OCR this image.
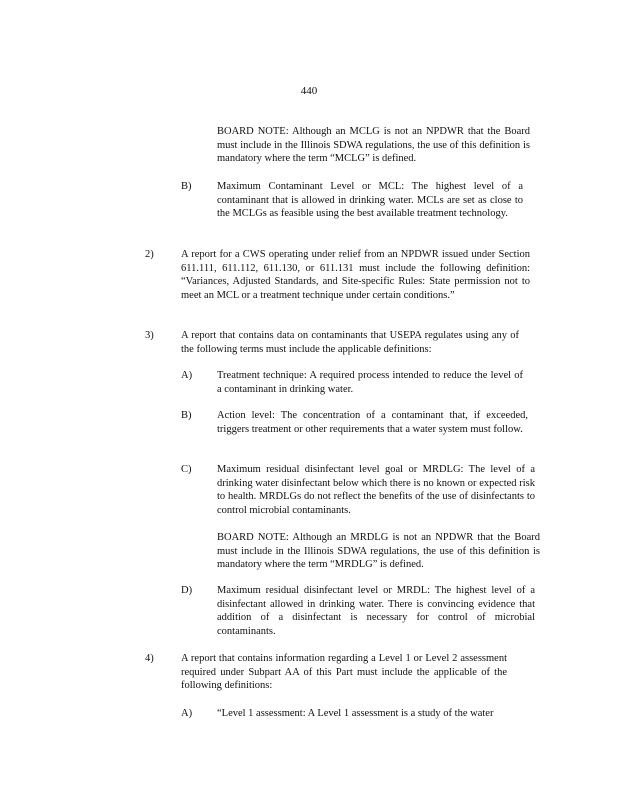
440
BOARD NOTE: Although an MCLG is not an NPDWR that the Board must include in the Illinois SDWA regulations, the use of this definition is mandatory where the term “MCLG” is defined.
B) Maximum Contaminant Level or MCL: The highest level of a contaminant that is allowed in drinking water. MCLs are set as close to the MCLGs as feasible using the best available treatment technology.
2)	A report for a CWS operating under relief from an NPDWR issued under Section 611.111, 611.112, 611.130, or 611.131 must include the following definition: “Variances, Adjusted Standards, and Site-specific Rules: State permission not to meet an MCL or a treatment technique under certain conditions.”
3)	A report that contains data on contaminants that USEPA regulates using any of the following terms must include the applicable definitions:
A) Treatment technique: A required process intended to reduce the level of a contaminant in drinking water.
B) Action level: The concentration of a contaminant that, if exceeded, triggers treatment or other requirements that a water system must follow.
C) Maximum residual disinfectant level goal or MRDLG: The level of a drinking water disinfectant below which there is no known or expected risk to health. MRDLGs do not reflect the benefits of the use of disinfectants to control microbial contaminants.
BOARD NOTE: Although an MRDLG is not an NPDWR that the Board must include in the Illinois SDWA regulations, the use of this definition is mandatory where the term “MRDLG” is defined.
D) Maximum residual disinfectant level or MRDL: The highest level of a disinfectant allowed in drinking water. There is convincing evidence that addition of a disinfectant is necessary for control of microbial contaminants.
4)	A report that contains information regarding a Level 1 or Level 2 assessment required under Subpart AA of this Part must include the applicable of the following definitions:
A) “Level 1 assessment: A Level 1 assessment is a study of the water
